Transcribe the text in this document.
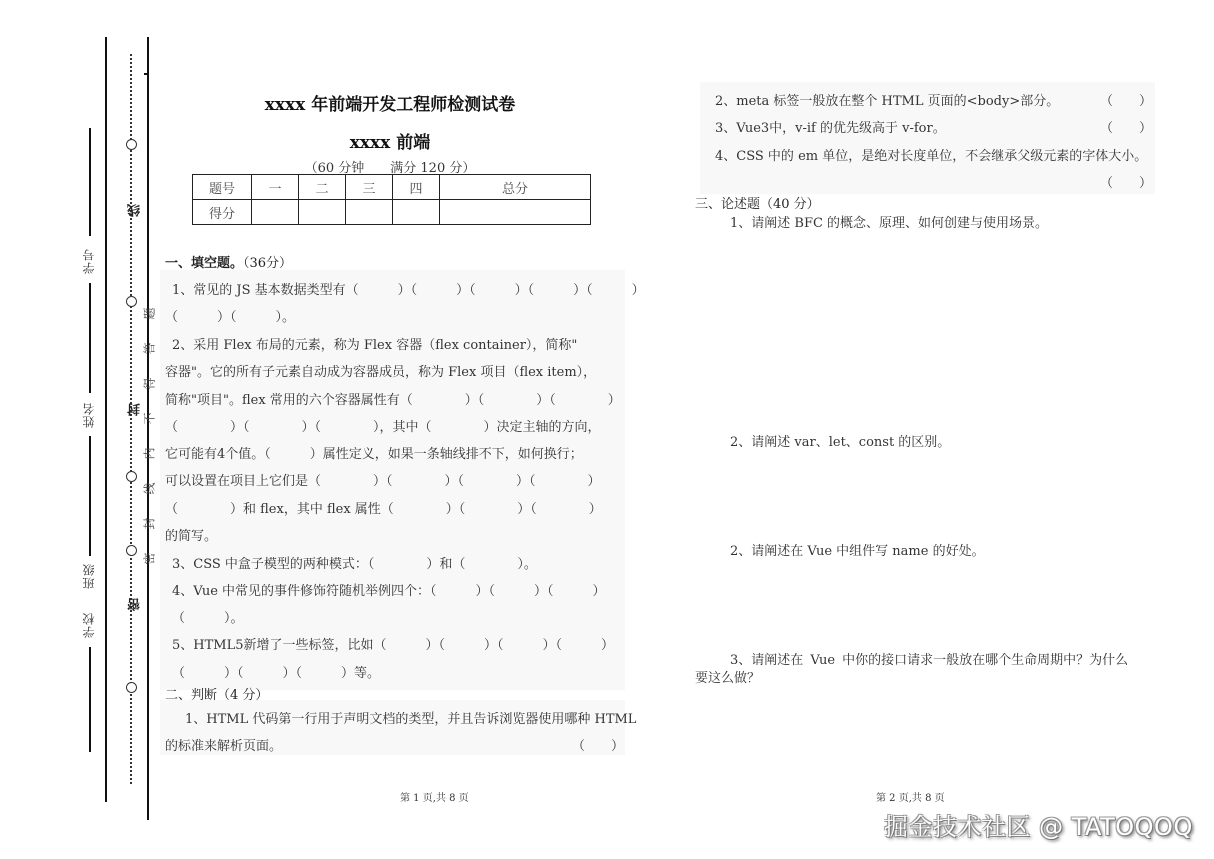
线
封
密
题
答
得
不
内
线
封
密
学号
姓名
班级
学校
xxxx 年前端开发工程师检测试卷
xxxx 前端
（60 分钟　　满分 120 分）
题号	一	二	三	四	总分
得分					
一、填空题。（36分）
1、常见的 JS 基本数据类型有（　　　）（　　　）（　　　）（　　　）（　　　）
（　　　）（　　　）。
2、采用 Flex 布局的元素，称为 Flex 容器（flex container），简称"
容器"。它的所有子元素自动成为容器成员，称为 Flex 项目（flex item），
简称"项目"。flex 常用的六个容器属性有（　　　　）（　　　　）（　　　　）
（　　　　）（　　　　）（　　　　），其中（　　　　）决定主轴的方向，
它可能有4个值。（　　　）属性定义，如果一条轴线排不下，如何换行；
可以设置在项目上它们是（　　　　）（　　　　）（　　　　）（　　　　）
（　　　　）和 flex，其中 flex 属性（　　　　）（　　　　）（　　　　）
的简写。
3、CSS 中盒子模型的两种模式：（　　　　）和（　　　　）。
4、Vue 中常见的事件修饰符随机举例四个：（　　　）（　　　）（　　　）
（　　　）。
5、HTML5新增了一些标签，比如（　　　）（　　　）（　　　）（　　　）
（　　　）（　　　）（　　　）等。
二、判断（4 分）
1、HTML 代码第一行用于声明文档的类型，并且告诉浏览器使用哪种 HTML
的标准来解析页面。	（　　）
第 1 页,共 8 页
2、meta 标签一般放在整个 HTML 页面的<body>部分。	（　　）
3、Vue3中，v-if 的优先级高于 v-for。	（　　）
4、CSS 中的 em 单位，是绝对长度单位，不会继承父级元素的字体大小。
（　　）
三、论述题（40 分）
1、请阐述 BFC 的概念、原理、如何创建与使用场景。
2、请阐述 var、let、const 的区别。
2、请阐述在 Vue 中组件写 name 的好处。
3、请阐述在 Vue 中你的接口请求一般放在哪个生命周期中？为什么
要这么做？
第 2 页,共 8 页
掘金技术社区 @ TATOQOQ
